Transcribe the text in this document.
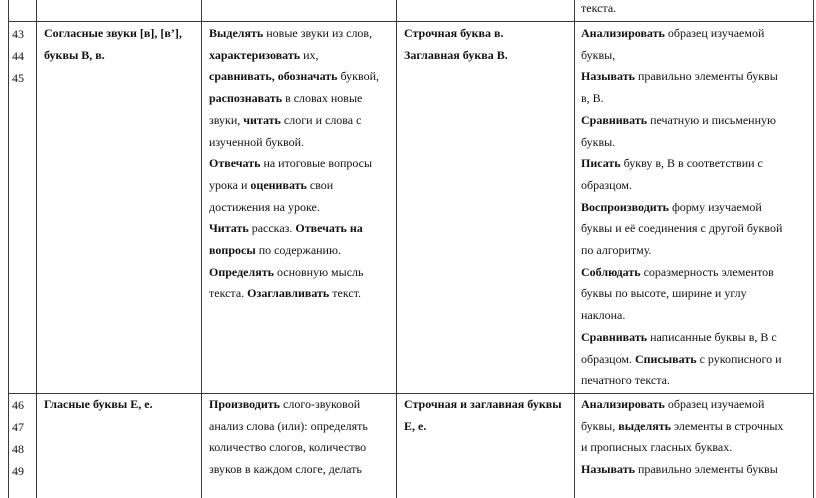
текста.

43
44
45

Согласные звуки [в], [в’], буквы В, в.

Выделять новые звуки из слов,

характеризовать их,

сравнивать, обозначать буквой,

распознавать в словах новые

звуки, читать слоги и слова с

изученной буквой.

Отвечать на итоговые вопросы

урока и оценивать свои

достижения на уроке.

Читать рассказ. Отвечать на

вопросы по содержанию.

Определять основную мысль

текста. Озаглавливать текст.

Строчная буква в.

Заглавная буква В.

Анализировать образец изучаемой

буквы,

Называть правильно элементы буквы

в, В.

Сравнивать печатную и письменную

буквы.

Писать букву в, В в соответствии с

образцом.

Воспроизводить форму изучаемой

буквы и её соединения с другой буквой

по алгоритму.

Соблюдать соразмерность элементов

буквы по высоте, ширине и углу

наклона.

Сравнивать написанные буквы в, В с

образцом. Списывать с рукописного и

печатного текста.

46
47
48
49

Гласные буквы Е, е.	Производить слого-звуковой

анализ слова (или): определять

количество слогов, количество

звуков в каждом слоге, делать

Строчная и заглавная буквы

Е, е.

Анализировать образец изучаемой

буквы, выделять элементы в строчных

и прописных гласных буквах.

Называть правильно элементы буквы
